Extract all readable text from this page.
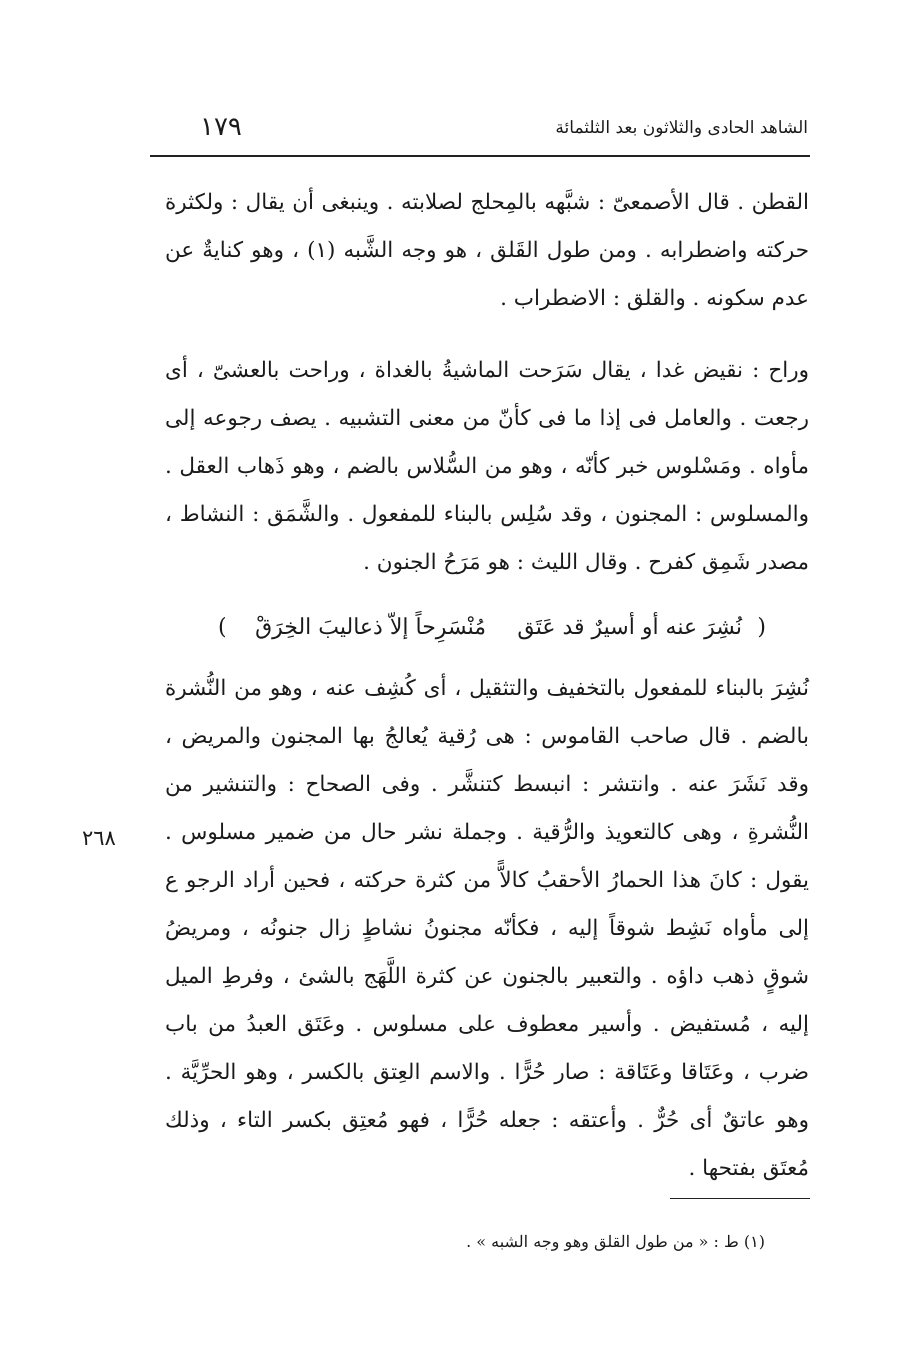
الشاهد الحادى والثلاثون بعد الثلثمائة
١٧٩

القطن . قال الأصمعىّ : شبَّهه بالمِحلج لصلابته . وينبغى أن يقال : ولكثرة حركته واضطرابه . ومن طول القَلق ، هو وجه الشَّبه (١) ، وهو كنايةٌ عن عدم سكونه . والقلق : الاضطراب .

وراح : نقيض غدا ، يقال سَرَحت الماشيةُ بالغداة ، وراحت بالعشىّ ، أى رجعت . والعامل فى إذا ما فى كأنّ من معنى التشبيه . يصف رجوعه إلى مأواه . ومَسْلوس خبر كأنّه ، وهو من السُّلاس بالضم ، وهو ذَهاب العقل . والمسلوس : المجنون ، وقد سُلِس بالبناء للمفعول . والشَّمَق : النشاط ، مصدر شَمِق كفرح . وقال الليث : هو مَرَحُ الجنون .

(
نُشِرَ عنه أو أسيرٌ قد عَتَق
مُنْسَرِحاً إلاّ ذعاليبَ الخِرَقْ
)

نُشِرَ بالبناء للمفعول بالتخفيف والتثقيل ، أى كُشِف عنه ، وهو من النُّشرة بالضم . قال صاحب القاموس : هى رُقية يُعالجُ بها المجنون والمريض ، وقد نَشَرَ عنه . وانتشر : انبسط كتنشَّر . وفى الصحاح : والتنشير من النُّشرةِ ، وهى كالتعويذ والرُّقية . وجملة نشر حال من ضمير مسلوس . يقول : كانَ هذا الحمارُ الأحقبُ كالاًّ من كثرة حركته ، فحين أراد الرجو ع إلى مأواه نَشِط شوقاً إليه ، فكأنّه مجنونُ نشاطٍ زال جنونُه ، ومريضُ شوقٍ ذهب داؤه . والتعبير بالجنون عن كثرة اللَّهَج بالشئ ، وفرطِ الميل إليه ، مُستفيض . وأسير معطوف على مسلوس . وعَتَق العبدُ من باب ضرب ، وعَتَاقا وعَتَاقة : صار حُرًّا . والاسم العِتق بالكسر ، وهو الحرِّيَّة . وهو عاتقٌ أى حُرٌّ . وأعتقه : جعله حُرًّا ، فهو مُعتِق بكسر التاء ، وذلك مُعتَق بفتحها .

٢٦٨
(١) ط : « من طول القلق وهو وجه الشبه » .
